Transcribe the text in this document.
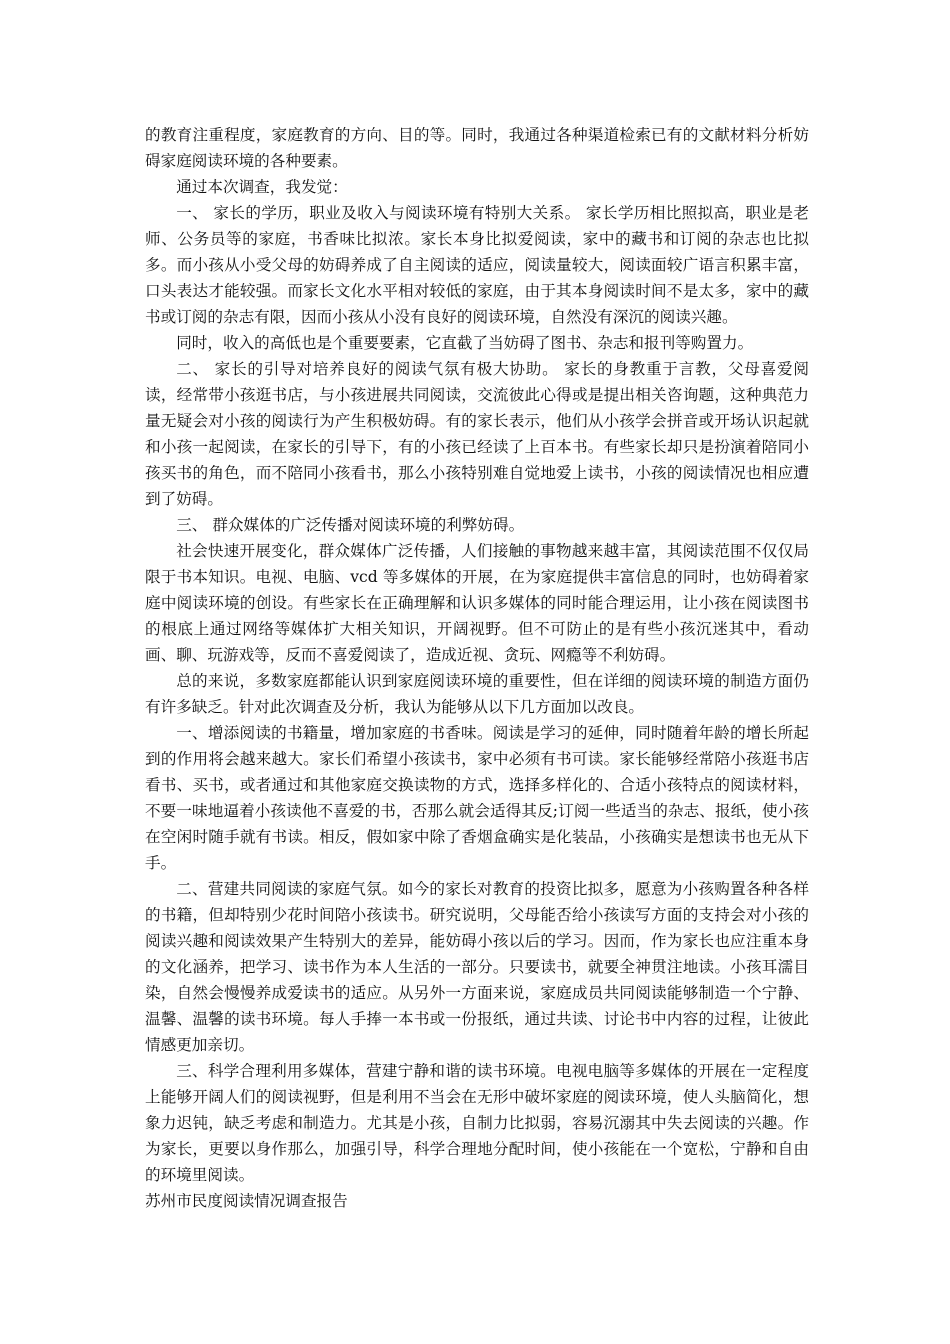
的教育注重程度，家庭教育的方向、目的等。同时，我通过各种渠道检索已有的文献材料分析妨碍家庭阅读环境的各种要素。

通过本次调查，我发觉：

一、 家长的学历，职业及收入与阅读环境有特别大关系。 家长学历相比照拟高，职业是老师、公务员等的家庭，书香味比拟浓。家长本身比拟爱阅读，家中的藏书和订阅的杂志也比拟多。而小孩从小受父母的妨碍养成了自主阅读的适应，阅读量较大，阅读面较广语言积累丰富，口头表达才能较强。而家长文化水平相对较低的家庭，由于其本身阅读时间不是太多，家中的藏书或订阅的杂志有限，因而小孩从小没有良好的阅读环境，自然没有深沉的阅读兴趣。

同时，收入的高低也是个重要要素，它直截了当妨碍了图书、杂志和报刊等购置力。

二、 家长的引导对培养良好的阅读气氛有极大协助。 家长的身教重于言教，父母喜爱阅读，经常带小孩逛书店，与小孩进展共同阅读，交流彼此心得或是提出相关咨询题，这种典范力量无疑会对小孩的阅读行为产生积极妨碍。有的家长表示，他们从小孩学会拼音或开场认识起就和小孩一起阅读，在家长的引导下，有的小孩已经读了上百本书。有些家长却只是扮演着陪同小孩买书的角色，而不陪同小孩看书，那么小孩特别难自觉地爱上读书，小孩的阅读情况也相应遭到了妨碍。

三、 群众媒体的广泛传播对阅读环境的利弊妨碍。

社会快速开展变化，群众媒体广泛传播，人们接触的事物越来越丰富，其阅读范围不仅仅局限于书本知识。电视、电脑、vcd 等多媒体的开展，在为家庭提供丰富信息的同时，也妨碍着家庭中阅读环境的创设。有些家长在正确理解和认识多媒体的同时能合理运用，让小孩在阅读图书的根底上通过网络等媒体扩大相关知识，开阔视野。但不可防止的是有些小孩沉迷其中，看动画、聊、玩游戏等，反而不喜爱阅读了，造成近视、贪玩、网瘾等不利妨碍。

总的来说，多数家庭都能认识到家庭阅读环境的重要性，但在详细的阅读环境的制造方面仍有许多缺乏。针对此次调查及分析，我认为能够从以下几方面加以改良。

一、增添阅读的书籍量，增加家庭的书香味。阅读是学习的延伸，同时随着年龄的增长所起到的作用将会越来越大。家长们希望小孩读书，家中必须有书可读。家长能够经常陪小孩逛书店看书、买书，或者通过和其他家庭交换读物的方式，选择多样化的、合适小孩特点的阅读材料，不要一味地逼着小孩读他不喜爱的书，否那么就会适得其反;订阅一些适当的杂志、报纸，使小孩在空闲时随手就有书读。相反，假如家中除了香烟盒确实是化装品，小孩确实是想读书也无从下手。

二、营建共同阅读的家庭气氛。如今的家长对教育的投资比拟多，愿意为小孩购置各种各样的书籍，但却特别少花时间陪小孩读书。研究说明，父母能否给小孩读写方面的支持会对小孩的阅读兴趣和阅读效果产生特别大的差异，能妨碍小孩以后的学习。因而，作为家长也应注重本身的文化涵养，把学习、读书作为本人生活的一部分。只要读书，就要全神贯注地读。小孩耳濡目染，自然会慢慢养成爱读书的适应。从另外一方面来说，家庭成员共同阅读能够制造一个宁静、温馨、温馨的读书环境。每人手捧一本书或一份报纸，通过共读、讨论书中内容的过程，让彼此情感更加亲切。

三、科学合理利用多媒体，营建宁静和谐的读书环境。电视电脑等多媒体的开展在一定程度上能够开阔人们的阅读视野，但是利用不当会在无形中破坏家庭的阅读环境，使人头脑简化，想象力迟钝，缺乏考虑和制造力。尤其是小孩，自制力比拟弱，容易沉溺其中失去阅读的兴趣。作为家长，更要以身作那么，加强引导，科学合理地分配时间，使小孩能在一个宽松，宁静和自由的环境里阅读。

苏州市民度阅读情况调查报告
